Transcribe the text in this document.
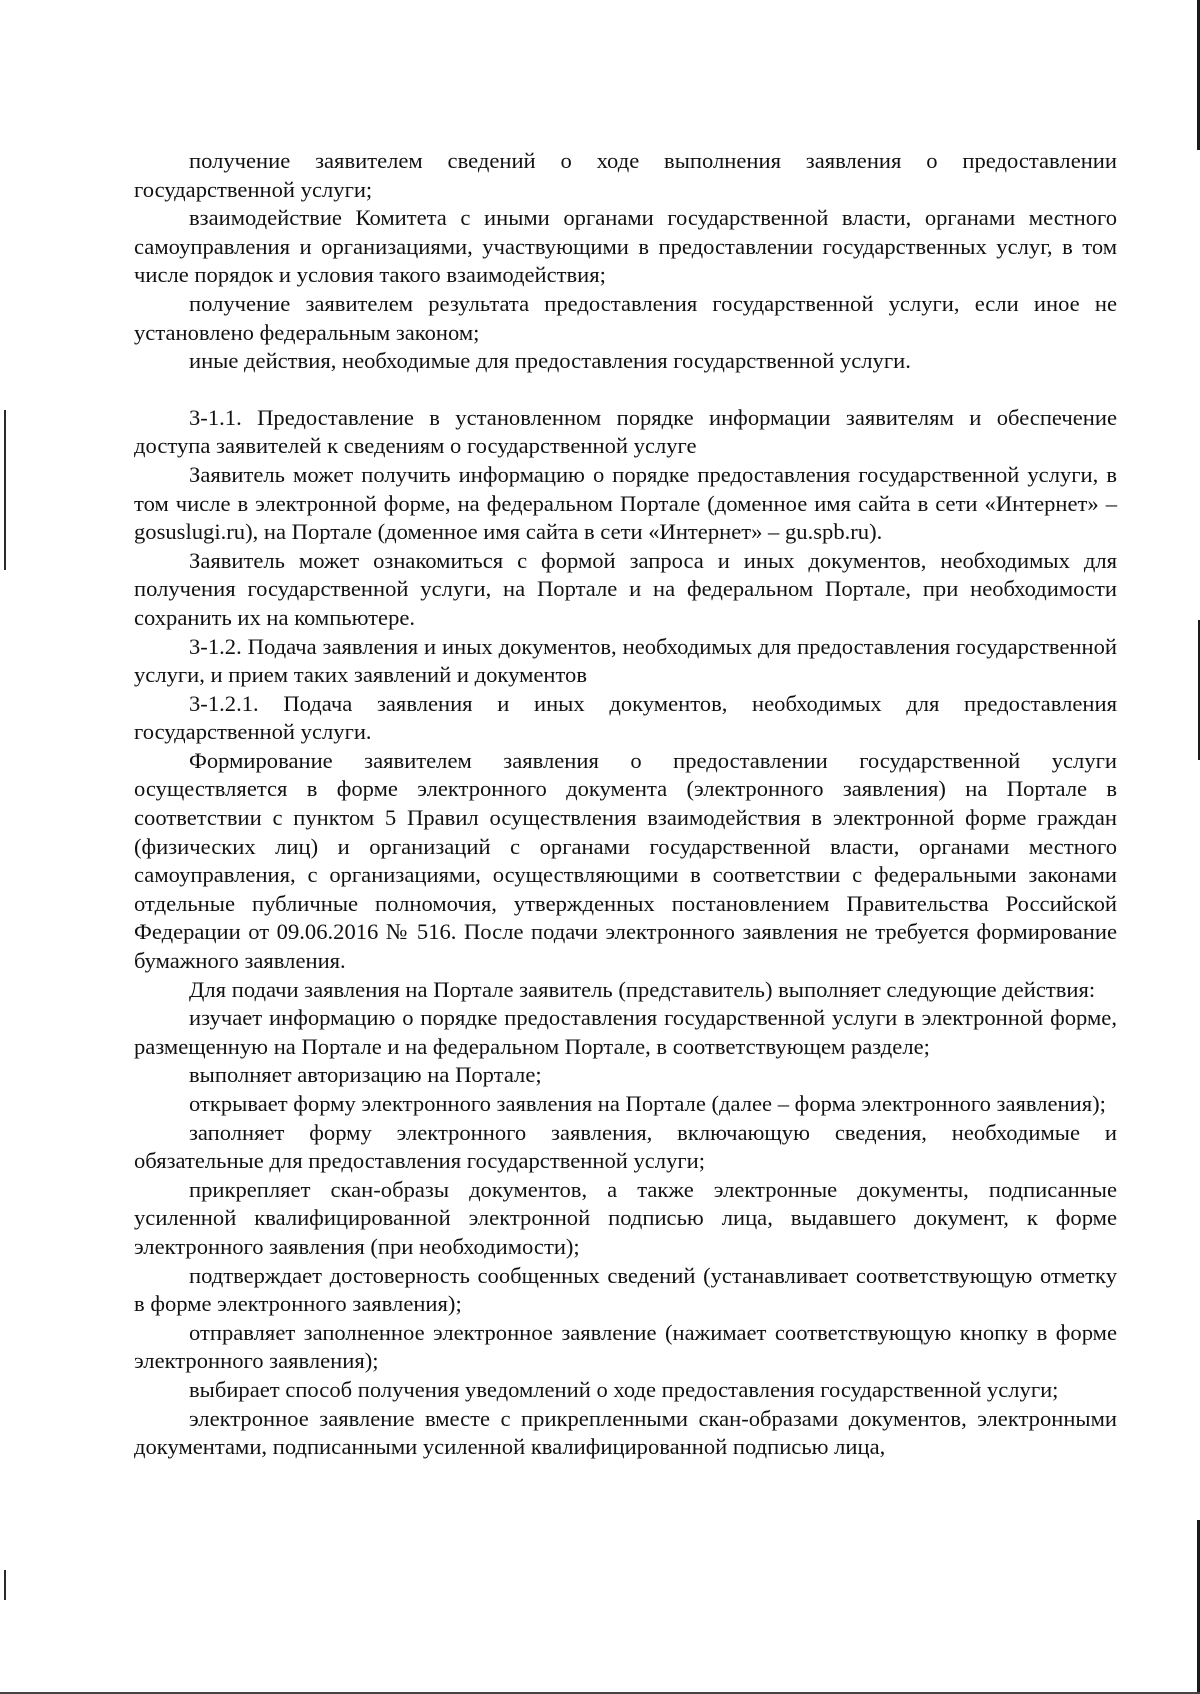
получение заявителем сведений о ходе выполнения заявления о предоставлении государственной услуги;

взаимодействие Комитета с иными органами государственной власти, органами местного самоуправления и организациями, участвующими в предоставлении государственных услуг, в том числе порядок и условия такого взаимодействия;

получение заявителем результата предоставления государственной услуги, если иное не установлено федеральным законом;

иные действия, необходимые для предоставления государственной услуги.

3-1.1. Предоставление в установленном порядке информации заявителям и обеспечение доступа заявителей к сведениям о государственной услуге

Заявитель может получить информацию о порядке предоставления государственной услуги, в том числе в электронной форме, на федеральном Портале (доменное имя сайта в сети «Интернет» – gosuslugi.ru), на Портале (доменное имя сайта в сети «Интернет» – gu.spb.ru).

Заявитель может ознакомиться с формой запроса и иных документов, необходимых для получения государственной услуги, на Портале и на федеральном Портале, при необходимости сохранить их на компьютере.

3-1.2. Подача заявления и иных документов, необходимых для предоставления государственной услуги, и прием таких заявлений и документов

3-1.2.1. Подача заявления и иных документов, необходимых для предоставления государственной услуги.

Формирование заявителем заявления о предоставлении государственной услуги осуществляется в форме электронного документа (электронного заявления) на Портале в соответствии с пунктом 5 Правил осуществления взаимодействия в электронной форме граждан (физических лиц) и организаций с органами государственной власти, органами местного самоуправления, с организациями, осуществляющими в соответствии с федеральными законами отдельные публичные полномочия, утвержденных постановлением Правительства Российской Федерации от 09.06.2016 № 516. После подачи электронного заявления не требуется формирование бумажного заявления.

Для подачи заявления на Портале заявитель (представитель) выполняет следующие действия:

изучает информацию о порядке предоставления государственной услуги в электронной форме, размещенную на Портале и на федеральном Портале, в соответствующем разделе;

выполняет авторизацию на Портале;

открывает форму электронного заявления на Портале (далее – форма электронного заявления);

заполняет форму электронного заявления, включающую сведения, необходимые и обязательные для предоставления государственной услуги;

прикрепляет скан-образы документов, а также электронные документы, подписанные усиленной квалифицированной электронной подписью лица, выдавшего документ, к форме электронного заявления (при необходимости);

подтверждает достоверность сообщенных сведений (устанавливает соответствующую отметку в форме электронного заявления);

отправляет заполненное электронное заявление (нажимает соответствующую кнопку в форме электронного заявления);

выбирает способ получения уведомлений о ходе предоставления государственной услуги;

электронное заявление вместе с прикрепленными скан-образами документов, электронными документами, подписанными усиленной квалифицированной подписью лица,
